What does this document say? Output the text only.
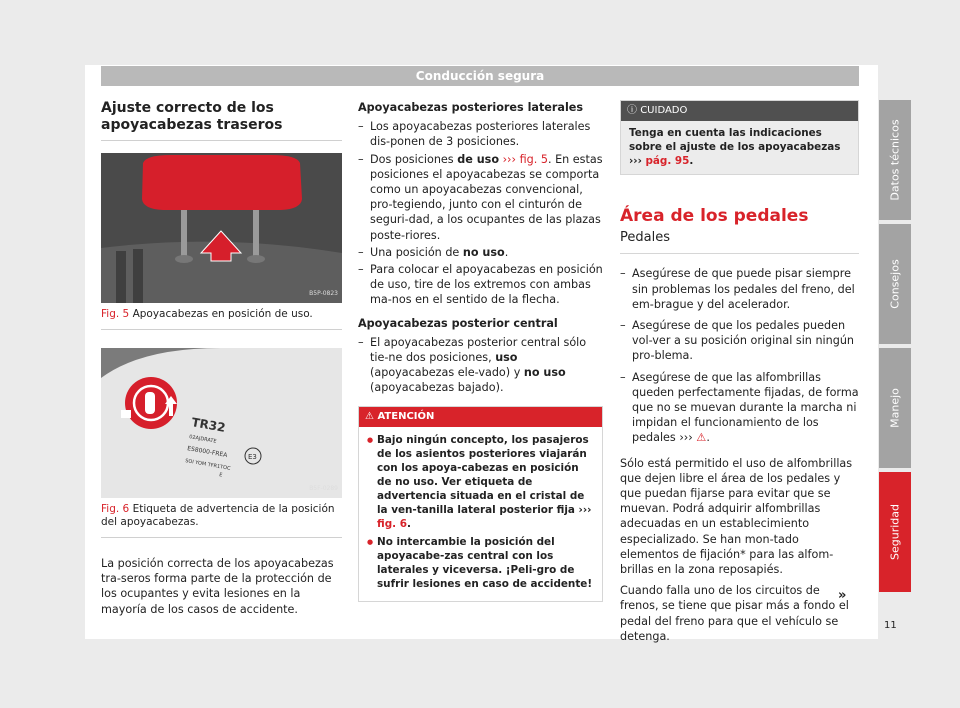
Conducción segura
Ajuste correcto de los apoyacabezas traseros
B5P-0823
Fig. 5 Apoyacabezas en posición de uso.
TR32
02AJDRATE
ES8000-FREA
SOI YOM TFR1TOC
E
E3
B5F-0289
Fig. 6 Etiqueta de advertencia de la posición del apoyacabezas.

La posición correcta de los apoyacabezas tra-seros forma parte de la protección de los ocupantes y evita lesiones en la mayoría de los casos de accidente.

Apoyacabezas posteriores laterales

– Los apoyacabezas posteriores laterales dis-ponen de 3 posiciones.
– Dos posiciones de uso ››› fig. 5. En estas posiciones el apoyacabezas se comporta como un apoyacabezas convencional, pro-tegiendo, junto con el cinturón de seguri-dad, a los ocupantes de las plazas poste-riores.
– Una posición de no uso.
– Para colocar el apoyacabezas en posición de uso, tire de los extremos con ambas ma-nos en el sentido de la flecha.

Apoyacabezas posterior central

– El apoyacabezas posterior central sólo tie-ne dos posiciones, uso (apoyacabezas ele-vado) y no uso (apoyacabezas bajado).
⚠ ATENCIÓN
● Bajo ningún concepto, los pasajeros de los asientos posteriores viajarán con los apoya-cabezas en posición de no uso. Ver etiqueta de advertencia situada en el cristal de la ven-tanilla lateral posterior fija ››› fig. 6.
● No intercambie la posición del apoyacabe-zas central con los laterales y viceversa. ¡Peli-gro de sufrir lesiones en caso de accidente!
ⓘ CUIDADO
Tenga en cuenta las indicaciones sobre el ajuste de los apoyacabezas ››› pág. 95.
Área de los pedales
Pedales
– Asegúrese de que puede pisar siempre sin problemas los pedales del freno, del em-brague y del acelerador.
– Asegúrese de que los pedales pueden vol-ver a su posición original sin ningún pro-blema.
– Asegúrese de que las alfombrillas queden perfectamente fijadas, de forma que no se muevan durante la marcha ni impidan el funcionamiento de los pedales ››› ⚠.

Sólo está permitido el uso de alfombrillas que dejen libre el área de los pedales y que puedan fijarse para evitar que se muevan. Podrá adquirir alfombrillas adecuadas en un establecimiento especializado. Se han mon-tado elementos de fijación* para las alfom-brillas en la zona reposapiés.

Cuando falla uno de los circuitos de frenos, se tiene que pisar más a fondo el pedal del freno para que el vehículo se detenga.

»
Datos técnicos
Consejos
Manejo
Seguridad
11
